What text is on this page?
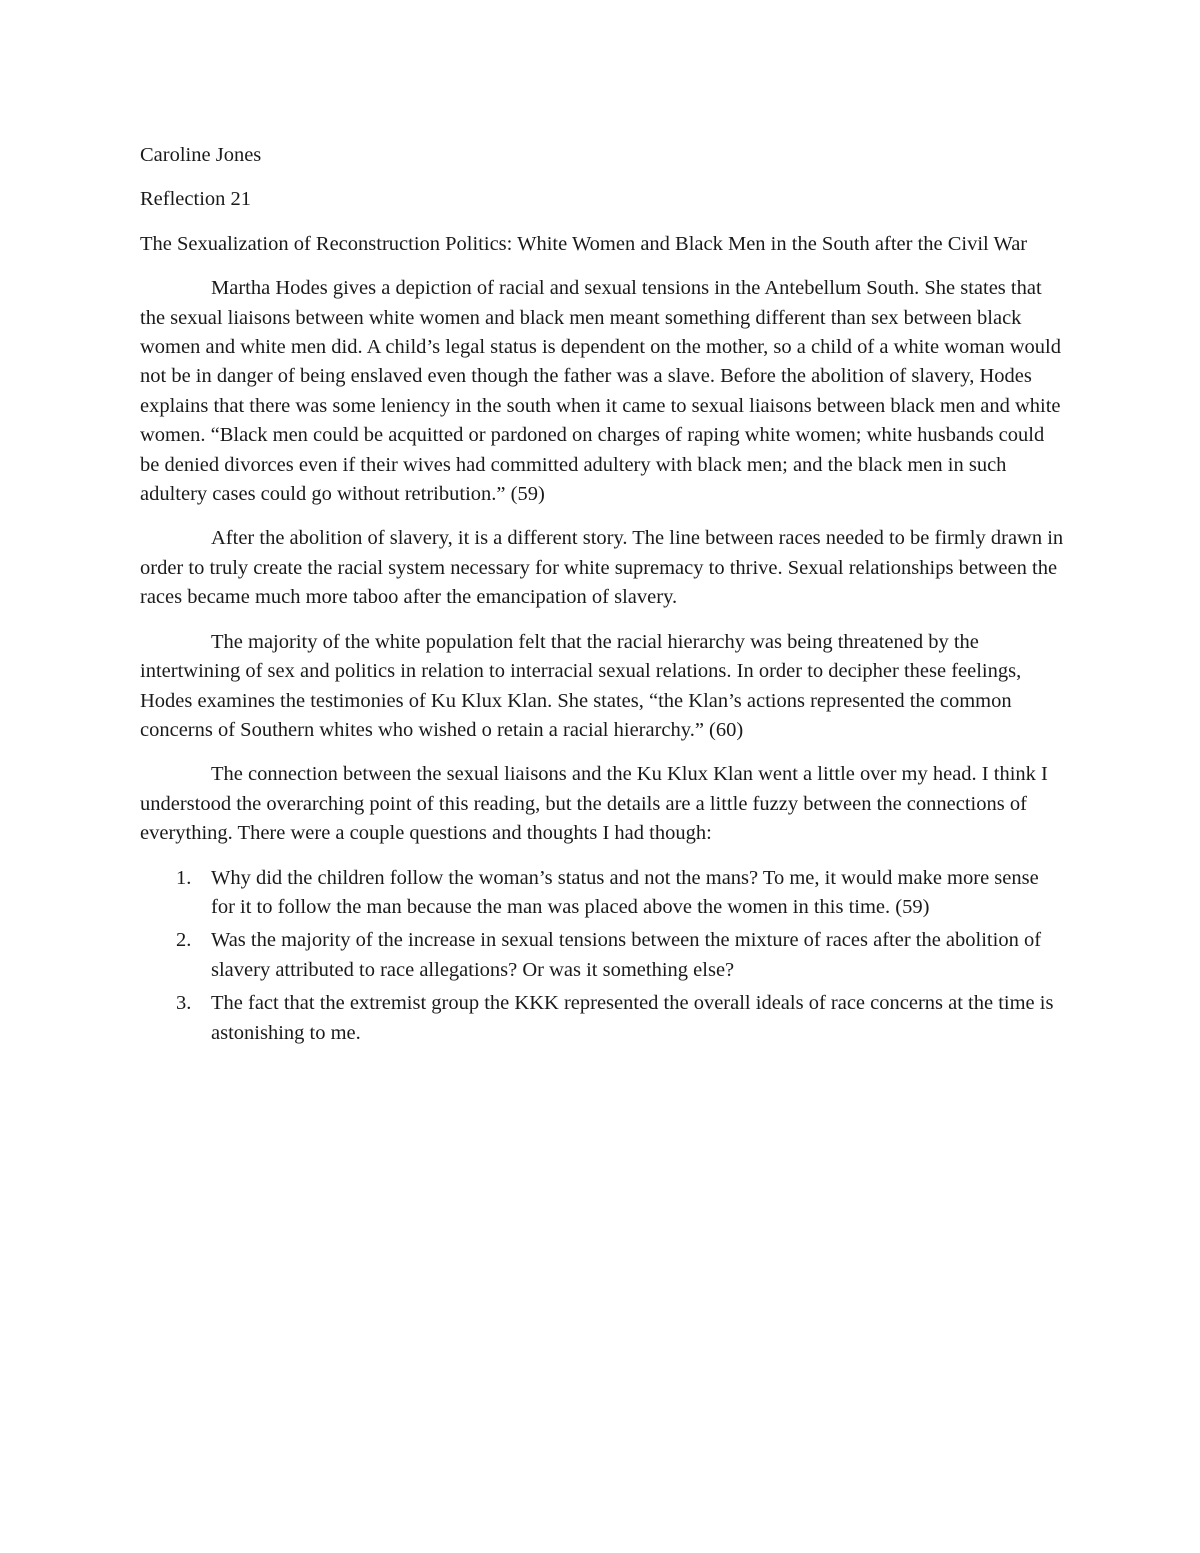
Caroline Jones

Reflection 21

The Sexualization of Reconstruction Politics: White Women and Black Men in the South after the Civil War

Martha Hodes gives a depiction of racial and sexual tensions in the Antebellum South. She states that the sexual liaisons between white women and black men meant something different than sex between black women and white men did. A child’s legal status is dependent on the mother, so a child of a white woman would not be in danger of being enslaved even though the father was a slave. Before the abolition of slavery, Hodes explains that there was some leniency in the south when it came to sexual liaisons between black men and white women. “Black men could be acquitted or pardoned on charges of raping white women; white husbands could be denied divorces even if their wives had committed adultery with black men; and the black men in such adultery cases could go without retribution.” (59)

After the abolition of slavery, it is a different story. The line between races needed to be firmly drawn in order to truly create the racial system necessary for white supremacy to thrive. Sexual relationships between the races became much more taboo after the emancipation of slavery.

The majority of the white population felt that the racial hierarchy was being threatened by the intertwining of sex and politics in relation to interracial sexual relations. In order to decipher these feelings, Hodes examines the testimonies of Ku Klux Klan. She states, “the Klan’s actions represented the common concerns of Southern whites who wished o retain a racial hierarchy.” (60)

The connection between the sexual liaisons and the Ku Klux Klan went a little over my head. I think I understood the overarching point of this reading, but the details are a little fuzzy between the connections of everything. There were a couple questions and thoughts I had though:

1. Why did the children follow the woman’s status and not the mans? To me, it would make more sense for it to follow the man because the man was placed above the women in this time. (59)
2. Was the majority of the increase in sexual tensions between the mixture of races after the abolition of slavery attributed to race allegations? Or was it something else?
3. The fact that the extremist group the KKK represented the overall ideals of race concerns at the time is astonishing to me.
